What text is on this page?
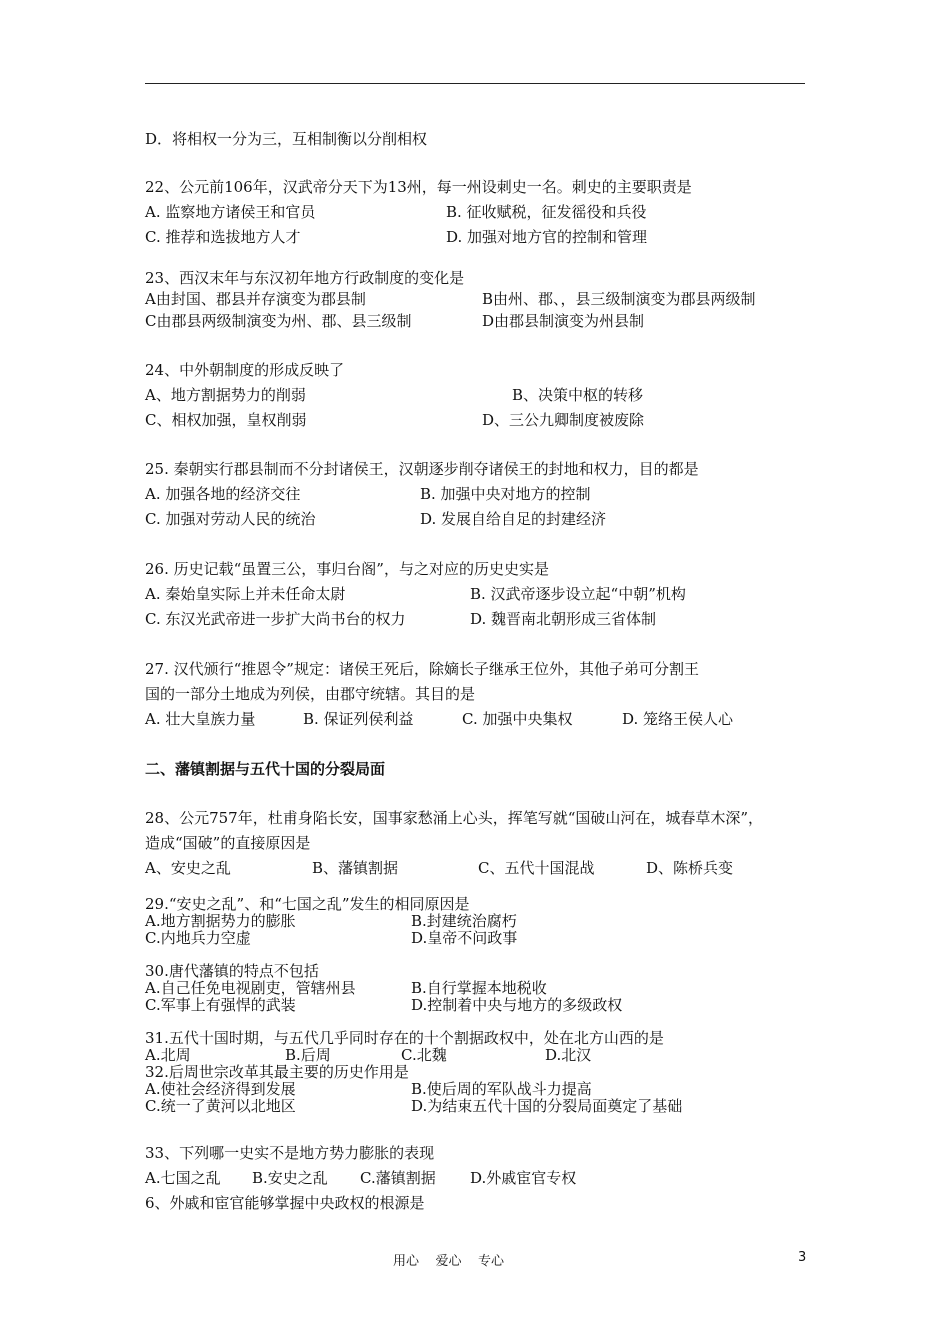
D．将相权一分为三，互相制衡以分削相权
22、公元前106年，汉武帝分天下为13州，每一州设刺史一名。刺史的主要职责是
A. 监察地方诸侯王和官员	B. 征收赋税，征发徭役和兵役
C. 推荐和选拔地方人才	D. 加强对地方官的控制和管理
23、西汉末年与东汉初年地方行政制度的变化是
A由封国、郡县并存演变为郡县制	B由州、郡、，县三级制演变为郡县两级制
C由郡县两级制演变为州、郡、县三级制	D由郡县制演变为州县制
24、中外朝制度的形成反映了
A、地方割据势力的削弱	B、决策中枢的转移
C、相权加强，皇权削弱	D、三公九卿制度被废除
25. 秦朝实行郡县制而不分封诸侯王，汉朝逐步削夺诸侯王的封地和权力，目的都是
A. 加强各地的经济交往	B. 加强中央对地方的控制
C. 加强对劳动人民的统治	D. 发展自给自足的封建经济
26. 历史记载“虽置三公，事归台阁”，与之对应的历史史实是
A. 秦始皇实际上并未任命太尉	B. 汉武帝逐步设立起“中朝”机构
C. 东汉光武帝进一步扩大尚书台的权力	D. 魏晋南北朝形成三省体制
27. 汉代颁行“推恩令”规定：诸侯王死后，除嫡长子继承王位外，其他子弟可分割王
国的一部分土地成为列侯，由郡守统辖。其目的是
A. 壮大皇族力量	B. 保证列侯利益	C. 加强中央集权	D. 笼络王侯人心
二、藩镇割据与五代十国的分裂局面
28、公元757年，杜甫身陷长安，国事家愁涌上心头，挥笔写就“国破山河在，城春草木深”，
造成“国破”的直接原因是
A、安史之乱	B、藩镇割据	C、五代十国混战	D、陈桥兵变
29.“安史之乱”、和“七国之乱”发生的相同原因是
A.地方割据势力的膨胀	B.封建统治腐朽
C.内地兵力空虚	D.皇帝不问政事
30.唐代藩镇的特点不包括
A.自己任免电视剧吏，管辖州县	B.自行掌握本地税收
C.军事上有强悍的武装	D.控制着中央与地方的多级政权
31.五代十国时期，与五代几乎同时存在的十个割据政权中，处在北方山西的是
A.北周	B.后周	C.北魏	D.北汉
32.后周世宗改革其最主要的历史作用是
A.使社会经济得到发展	B.使后周的军队战斗力提高
C.统一了黄河以北地区	D.为结束五代十国的分裂局面奠定了基础
33、下列哪一史实不是地方势力膨胀的表现
A.七国之乱 B.安史之乱 C.藩镇割据 D.外戚宦官专权
6、外戚和宦官能够掌握中央政权的根源是
用心    爱心    专心	3
